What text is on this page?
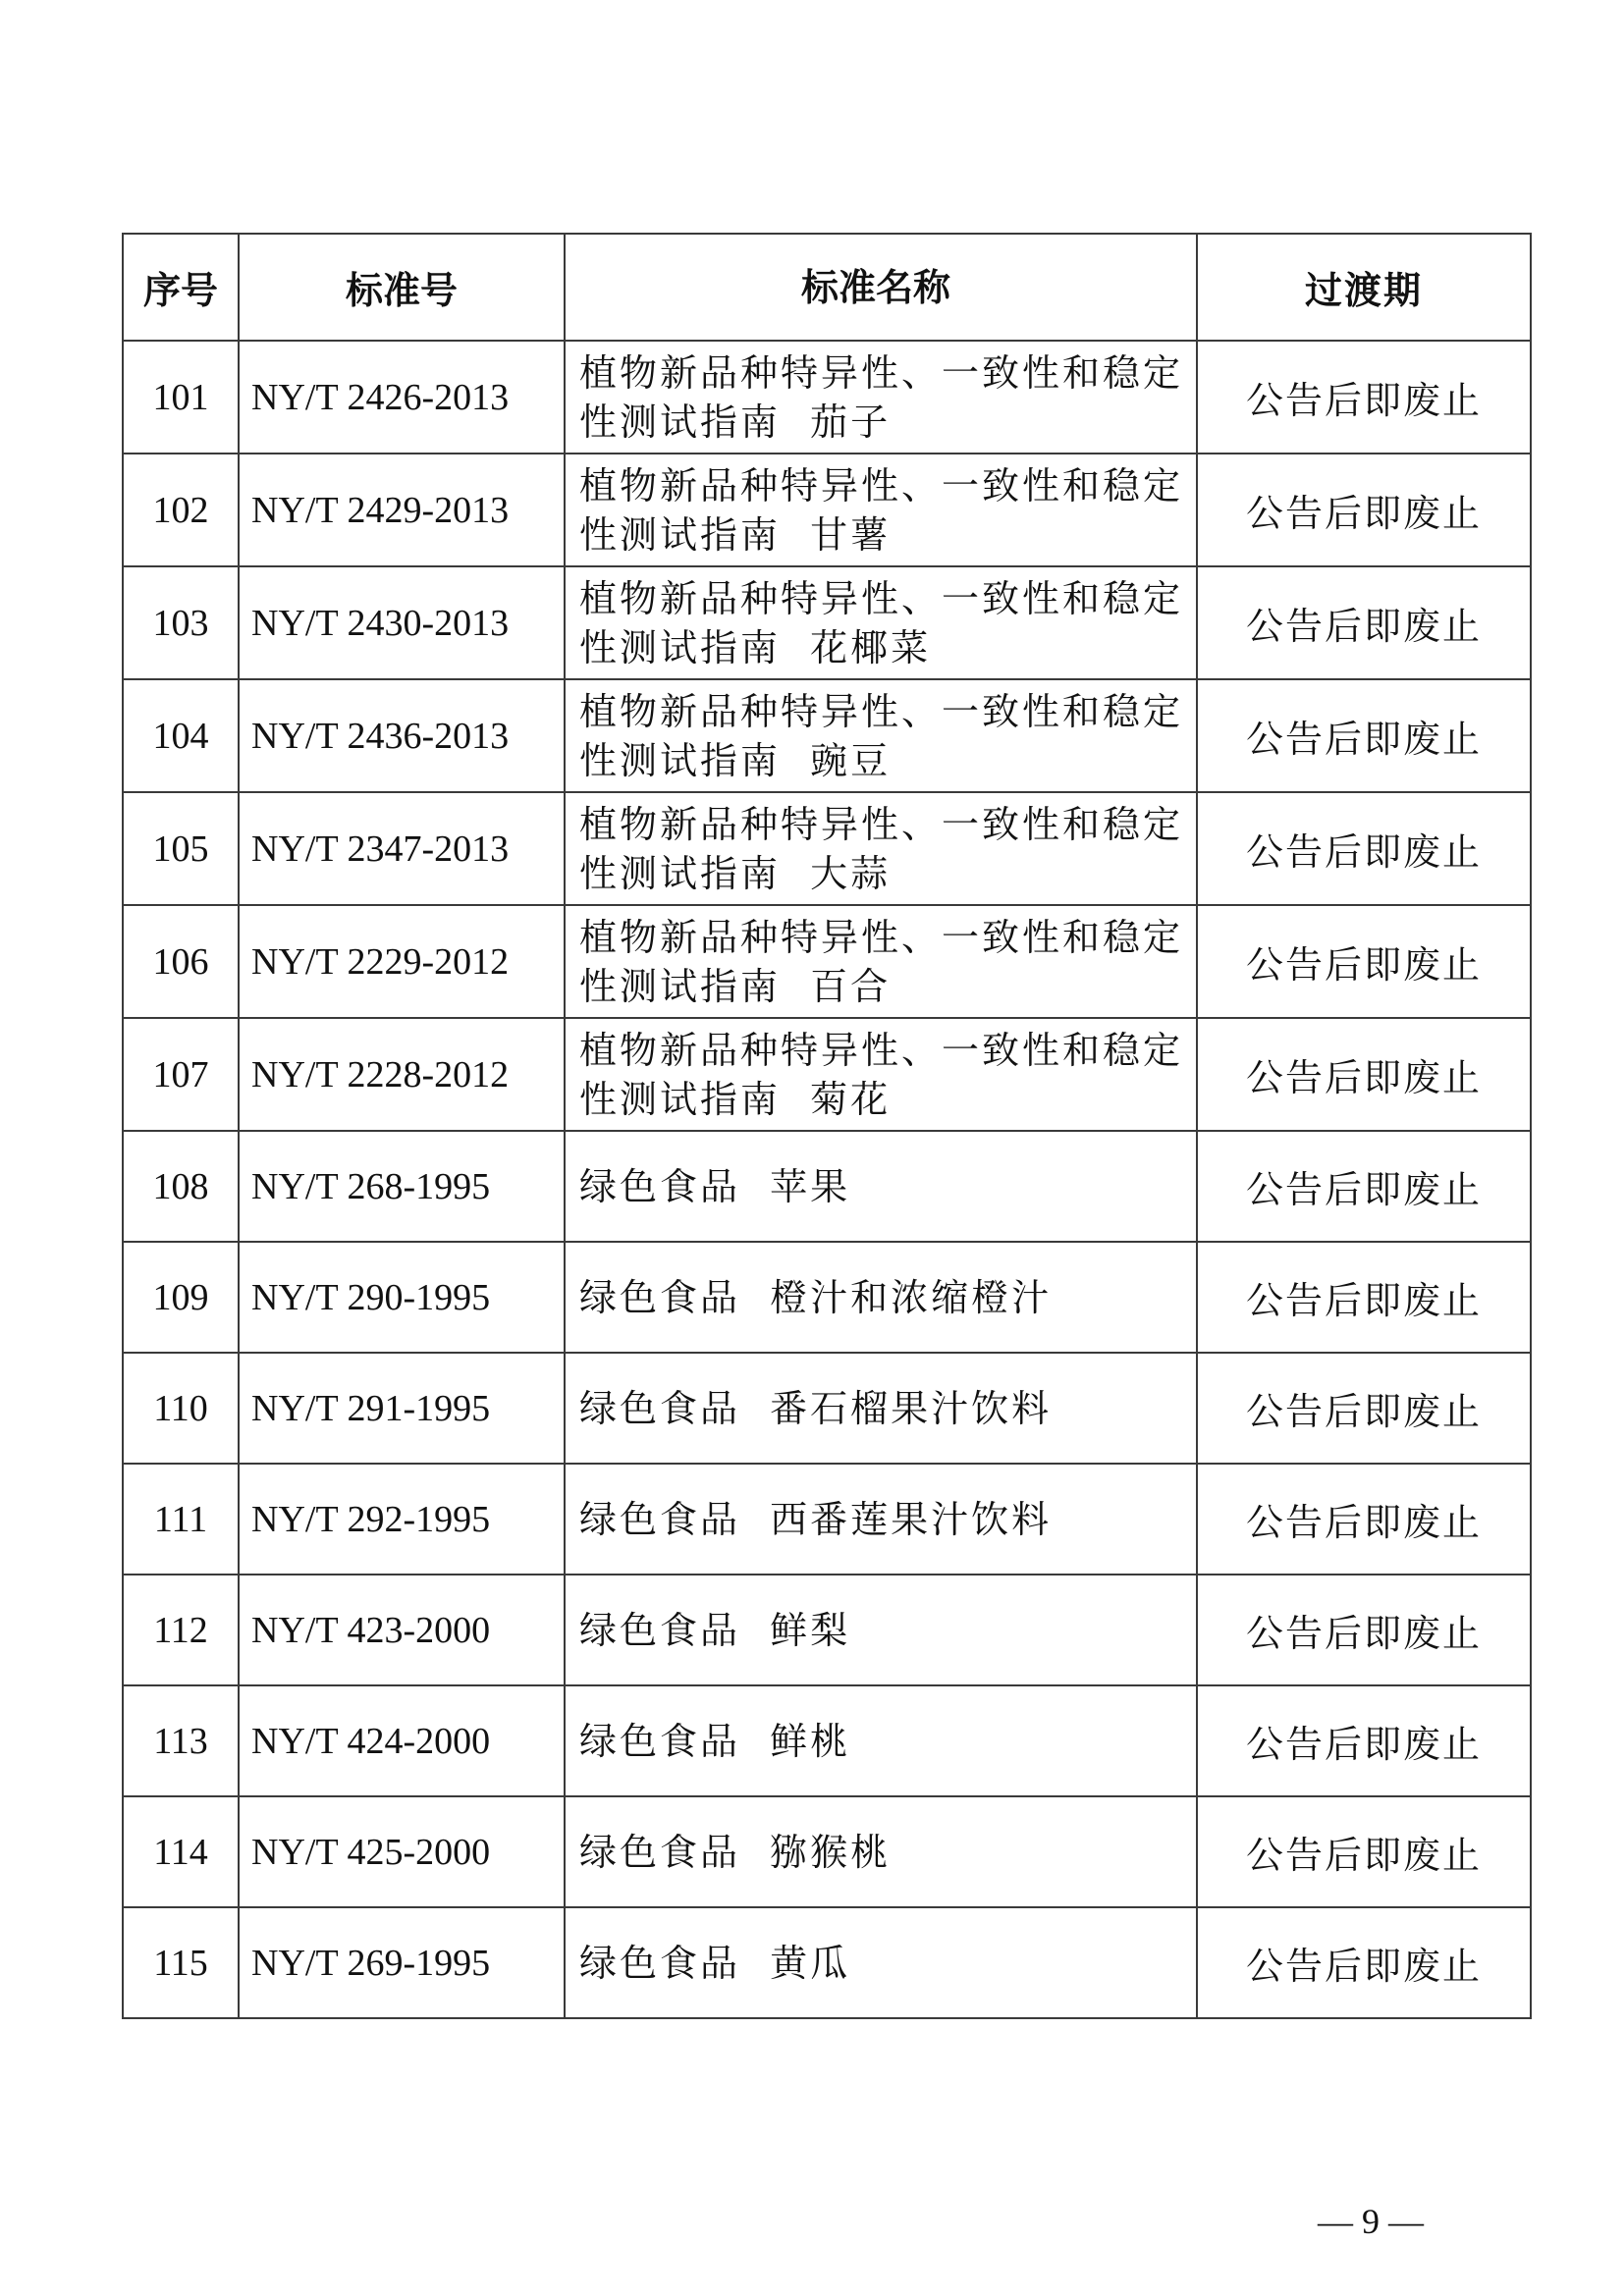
序号	标准号	标准名称	过渡期
101	NY/T 2426-2013	植物新品种特异性、一致性和稳定性测试指南  茄子	公告后即废止
102	NY/T 2429-2013	植物新品种特异性、一致性和稳定性测试指南  甘薯	公告后即废止
103	NY/T 2430-2013	植物新品种特异性、一致性和稳定性测试指南  花椰菜	公告后即废止
104	NY/T 2436-2013	植物新品种特异性、一致性和稳定性测试指南  豌豆	公告后即废止
105	NY/T 2347-2013	植物新品种特异性、一致性和稳定性测试指南  大蒜	公告后即废止
106	NY/T 2229-2012	植物新品种特异性、一致性和稳定性测试指南  百合	公告后即废止
107	NY/T 2228-2012	植物新品种特异性、一致性和稳定性测试指南  菊花	公告后即废止
108	NY/T 268-1995	绿色食品  苹果	公告后即废止
109	NY/T 290-1995	绿色食品  橙汁和浓缩橙汁	公告后即废止
110	NY/T 291-1995	绿色食品  番石榴果汁饮料	公告后即废止
111	NY/T 292-1995	绿色食品  西番莲果汁饮料	公告后即废止
112	NY/T 423-2000	绿色食品  鲜梨	公告后即废止
113	NY/T 424-2000	绿色食品  鲜桃	公告后即废止
114	NY/T 425-2000	绿色食品  猕猴桃	公告后即废止
115	NY/T 269-1995	绿色食品  黄瓜	公告后即废止
— 9 —
